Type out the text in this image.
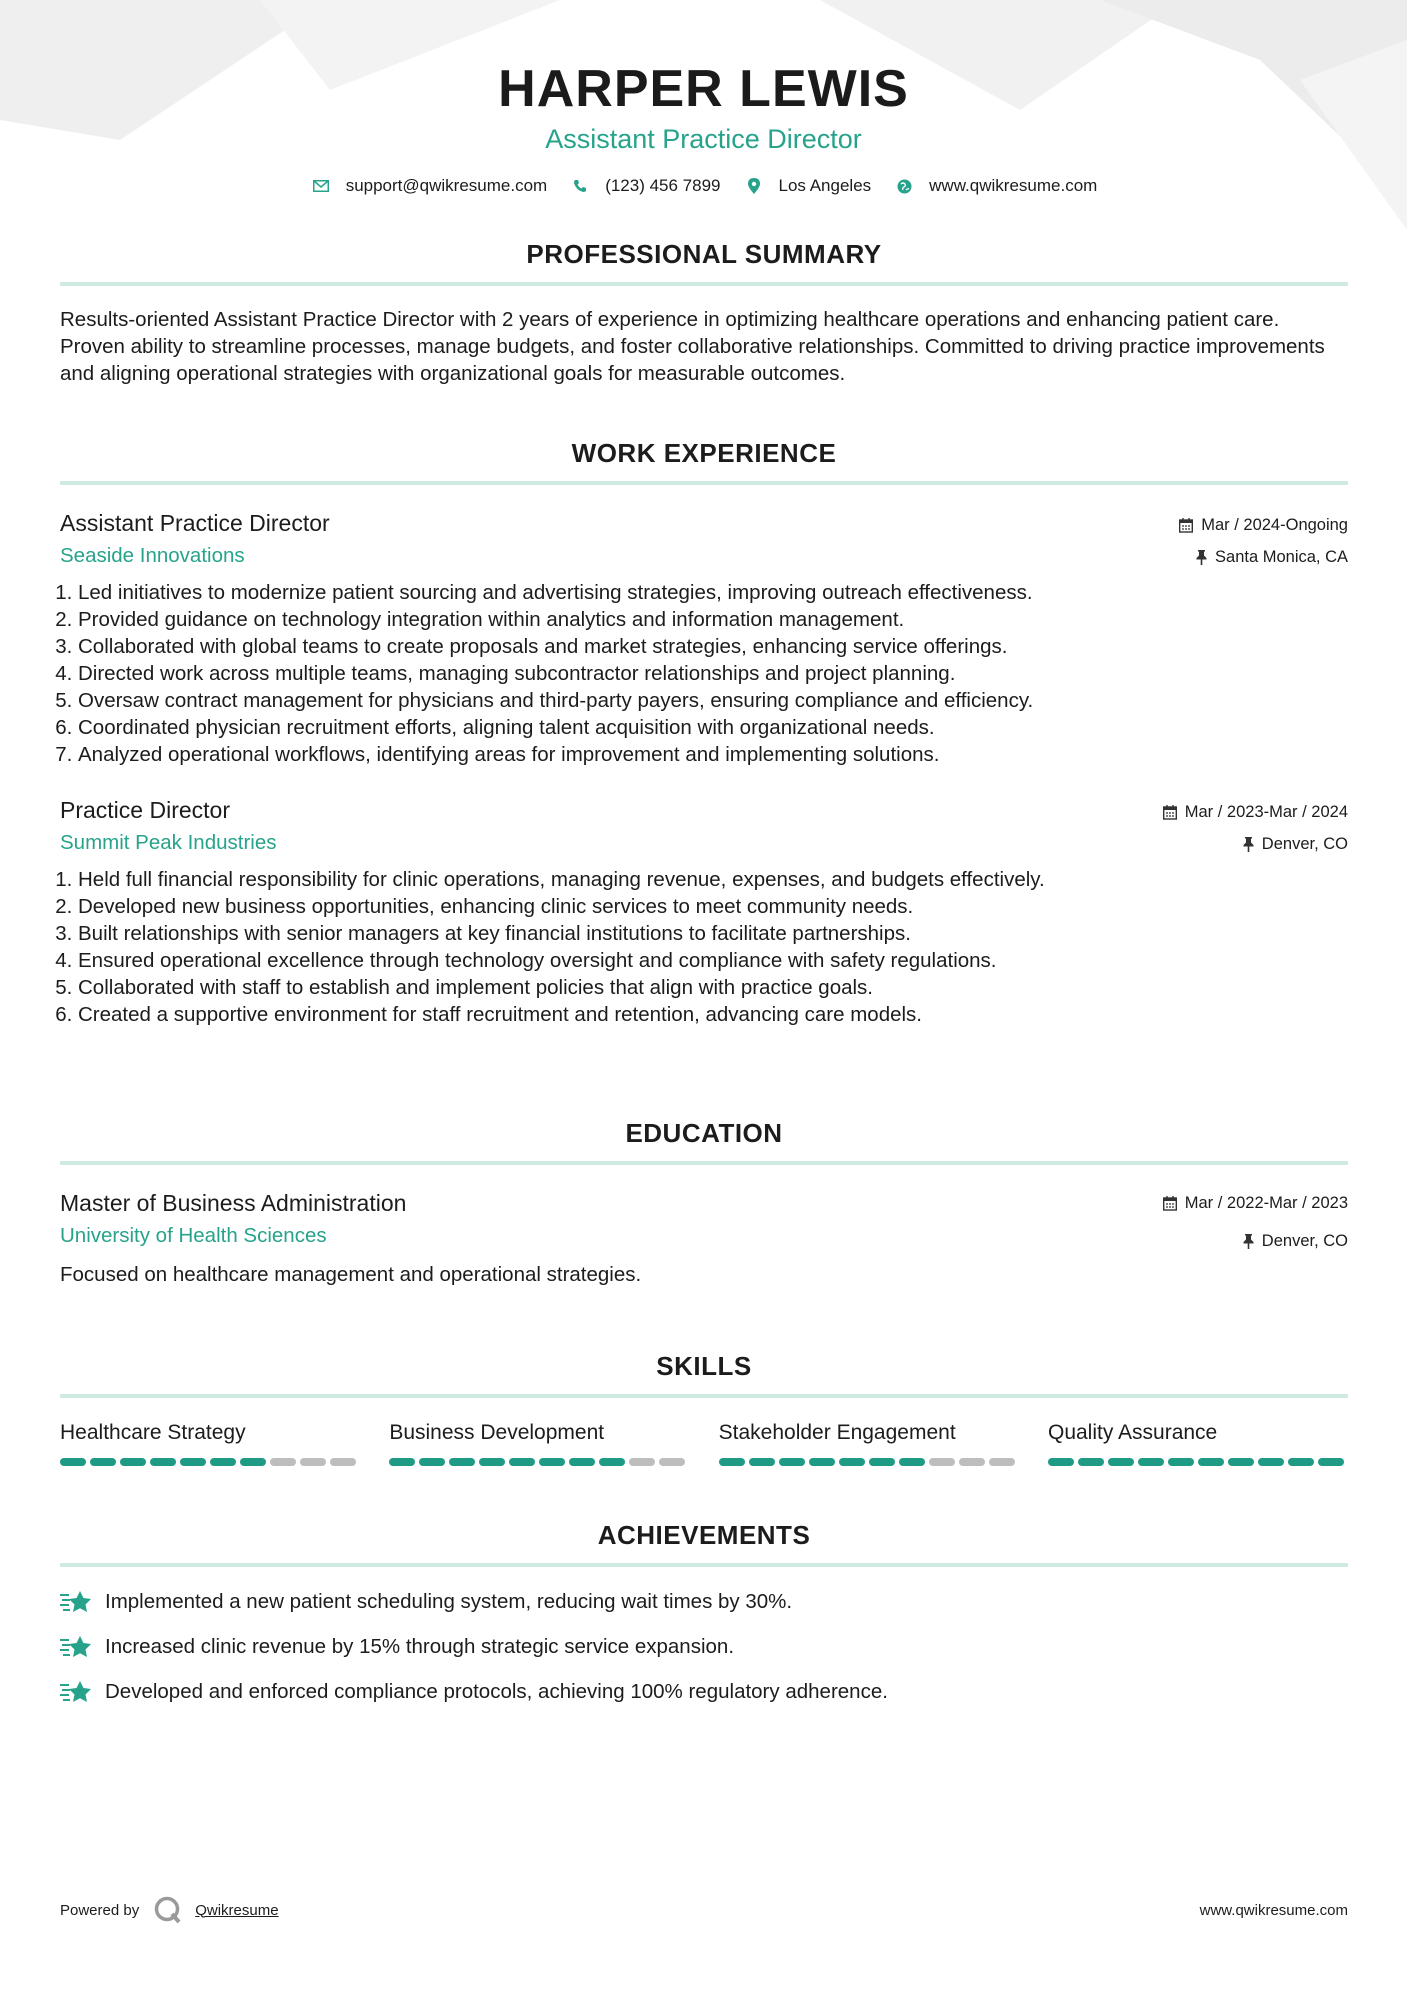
HARPER LEWIS
Assistant Practice Director
support@qwikresume.com	(123) 456 7899	Los Angeles	www.qwikresume.com
PROFESSIONAL SUMMARY

Results-oriented Assistant Practice Director with 2 years of experience in optimizing healthcare operations and enhancing patient care. Proven ability to streamline processes, manage budgets, and foster collaborative relationships. Committed to driving practice improvements and aligning operational strategies with organizational goals for measurable outcomes.

WORK EXPERIENCE
Assistant Practice Director
Seaside Innovations
Mar / 2024-Ongoing
Santa Monica, CA
1. Led initiatives to modernize patient sourcing and advertising strategies, improving outreach effectiveness.
2. Provided guidance on technology integration within analytics and information management.
3. Collaborated with global teams to create proposals and market strategies, enhancing service offerings.
4. Directed work across multiple teams, managing subcontractor relationships and project planning.
5. Oversaw contract management for physicians and third-party payers, ensuring compliance and efficiency.
6. Coordinated physician recruitment efforts, aligning talent acquisition with organizational needs.
7. Analyzed operational workflows, identifying areas for improvement and implementing solutions.
Practice Director
Summit Peak Industries
Mar / 2023-Mar / 2024
Denver, CO
1. Held full financial responsibility for clinic operations, managing revenue, expenses, and budgets effectively.
2. Developed new business opportunities, enhancing clinic services to meet community needs.
3. Built relationships with senior managers at key financial institutions to facilitate partnerships.
4. Ensured operational excellence through technology oversight and compliance with safety regulations.
5. Collaborated with staff to establish and implement policies that align with practice goals.
6. Created a supportive environment for staff recruitment and retention, advancing care models.
EDUCATION
Master of Business Administration
University of Health Sciences
Mar / 2022-Mar / 2023
Denver, CO

Focused on healthcare management and operational strategies.

SKILLS
Healthcare Strategy	Business Development	Stakeholder Engagement	Quality Assurance
ACHIEVEMENTS
Implemented a new patient scheduling system, reducing wait times by 30%.
Increased clinic revenue by 15% through strategic service expansion.
Developed and enforced compliance protocols, achieving 100% regulatory adherence.
Powered by	Qwikresume	www.qwikresume.com
